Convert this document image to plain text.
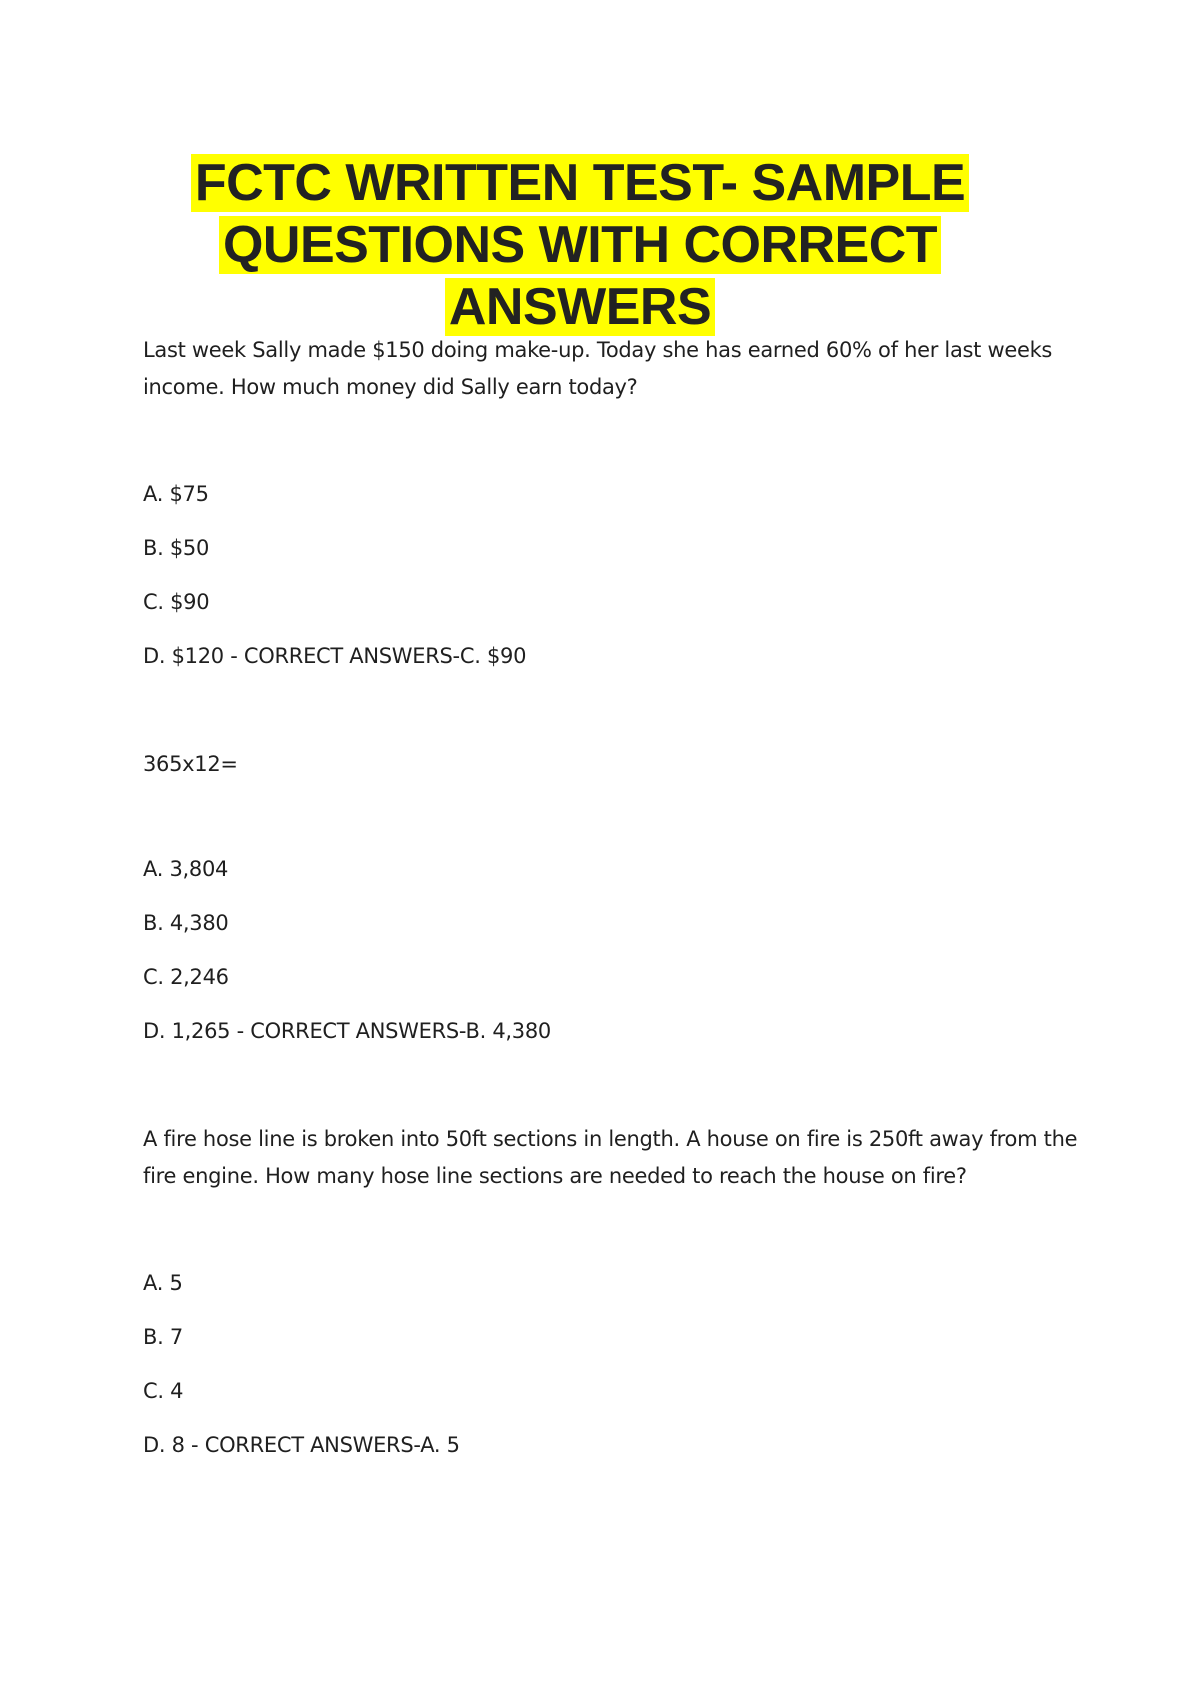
FCTC WRITTEN TEST- SAMPLE
QUESTIONS WITH CORRECT
ANSWERS
Last week Sally made $150 doing make-up. Today she has earned 60% of her last weeks income. How much money did Sally earn today?
A. $75
B. $50
C. $90
D. $120 - CORRECT ANSWERS-C. $90
365x12=
A. 3,804
B. 4,380
C. 2,246
D. 1,265 - CORRECT ANSWERS-B. 4,380
A fire hose line is broken into 50ft sections in length. A house on fire is 250ft away from the fire engine. How many hose line sections are needed to reach the house on fire?
A. 5
B. 7
C. 4
D. 8 - CORRECT ANSWERS-A. 5
